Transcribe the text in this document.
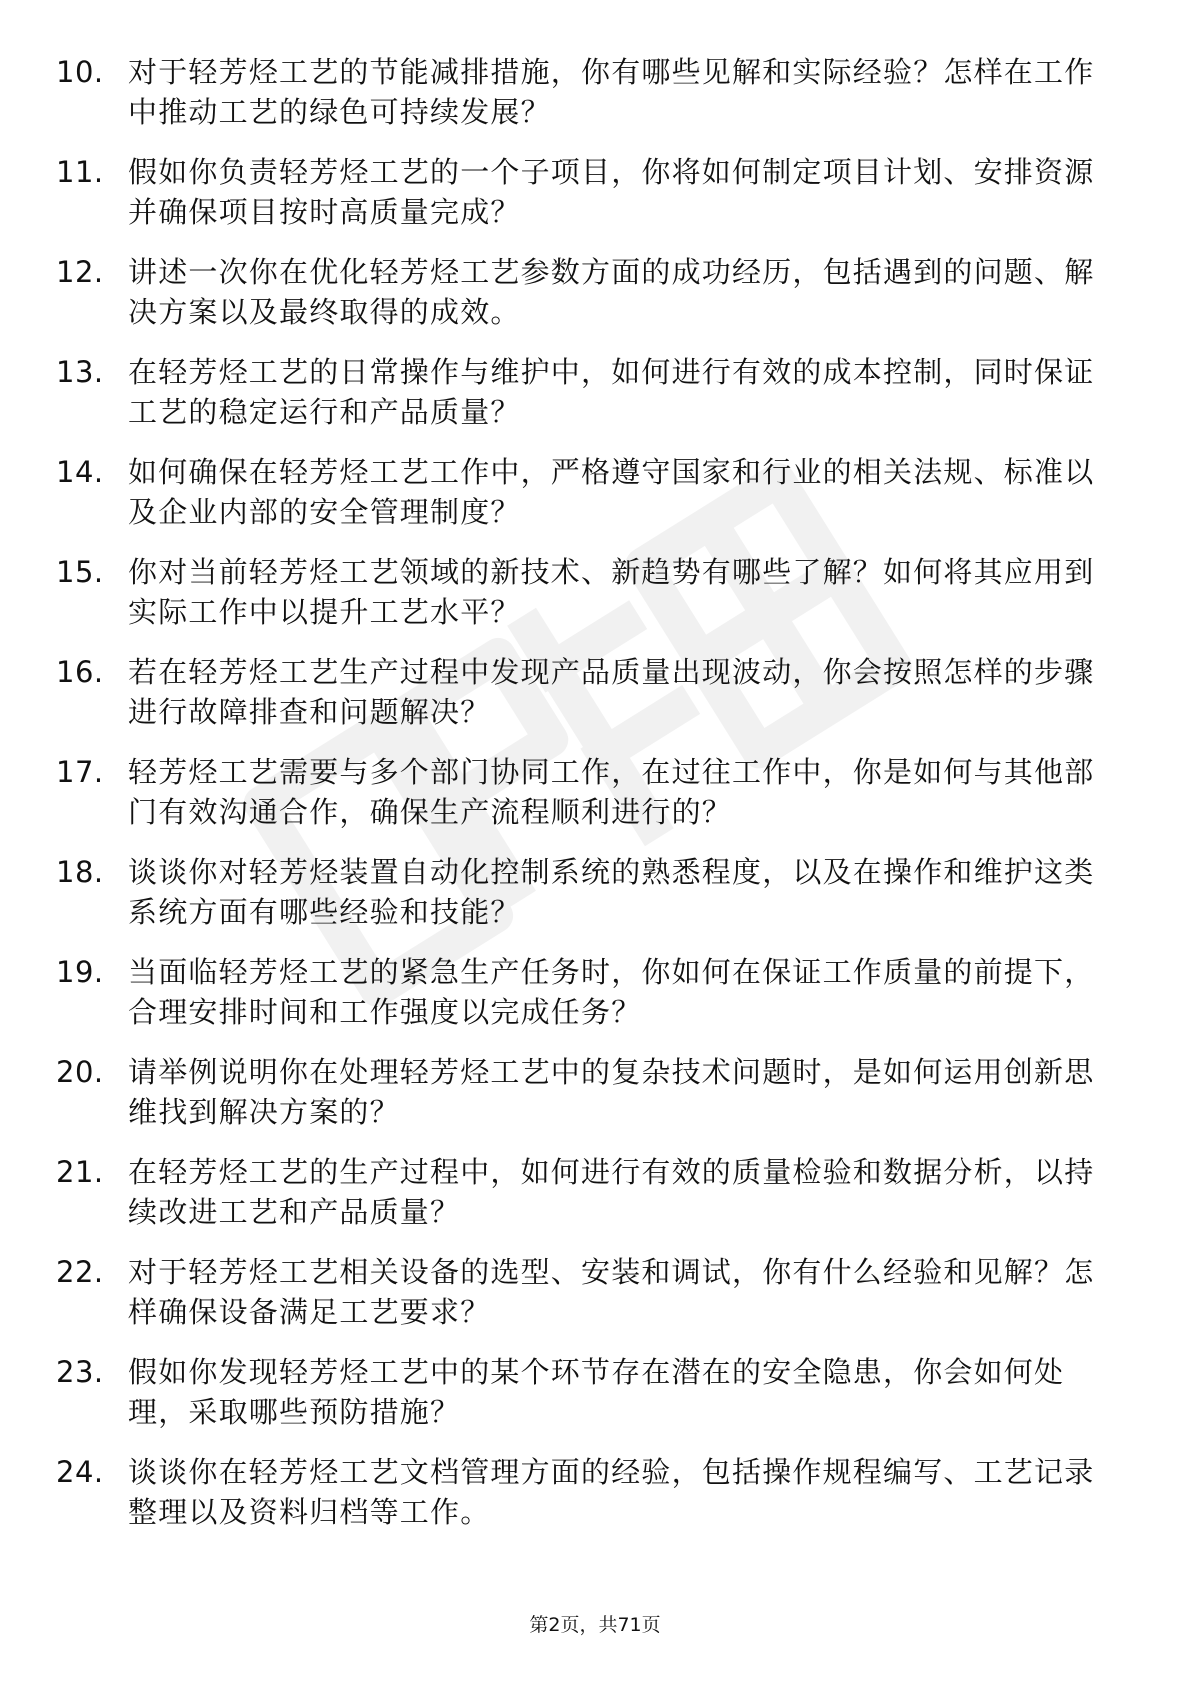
10. 对于轻芳烃工艺的节能减排措施，你有哪些见解和实际经验？怎样在工作中推动工艺的绿色可持续发展？
11. 假如你负责轻芳烃工艺的一个子项目，你将如何制定项目计划、安排资源并确保项目按时高质量完成？
12. 讲述一次你在优化轻芳烃工艺参数方面的成功经历，包括遇到的问题、解决方案以及最终取得的成效。
13. 在轻芳烃工艺的日常操作与维护中，如何进行有效的成本控制，同时保证工艺的稳定运行和产品质量？
14. 如何确保在轻芳烃工艺工作中，严格遵守国家和行业的相关法规、标准以及企业内部的安全管理制度？
15. 你对当前轻芳烃工艺领域的新技术、新趋势有哪些了解？如何将其应用到实际工作中以提升工艺水平？
16. 若在轻芳烃工艺生产过程中发现产品质量出现波动，你会按照怎样的步骤进行故障排查和问题解决？
17. 轻芳烃工艺需要与多个部门协同工作，在过往工作中，你是如何与其他部门有效沟通合作，确保生产流程顺利进行的？
18. 谈谈你对轻芳烃装置自动化控制系统的熟悉程度，以及在操作和维护这类系统方面有哪些经验和技能？
19. 当面临轻芳烃工艺的紧急生产任务时，你如何在保证工作质量的前提下，合理安排时间和工作强度以完成任务？
20. 请举例说明你在处理轻芳烃工艺中的复杂技术问题时，是如何运用创新思维找到解决方案的？
21. 在轻芳烃工艺的生产过程中，如何进行有效的质量检验和数据分析，以持续改进工艺和产品质量？
22. 对于轻芳烃工艺相关设备的选型、安装和调试，你有什么经验和见解？怎样确保设备满足工艺要求？
23. 假如你发现轻芳烃工艺中的某个环节存在潜在的安全隐患，你会如何处理，采取哪些预防措施？
24. 谈谈你在轻芳烃工艺文档管理方面的经验，包括操作规程编写、工艺记录整理以及资料归档等工作。
第2页，共71页
